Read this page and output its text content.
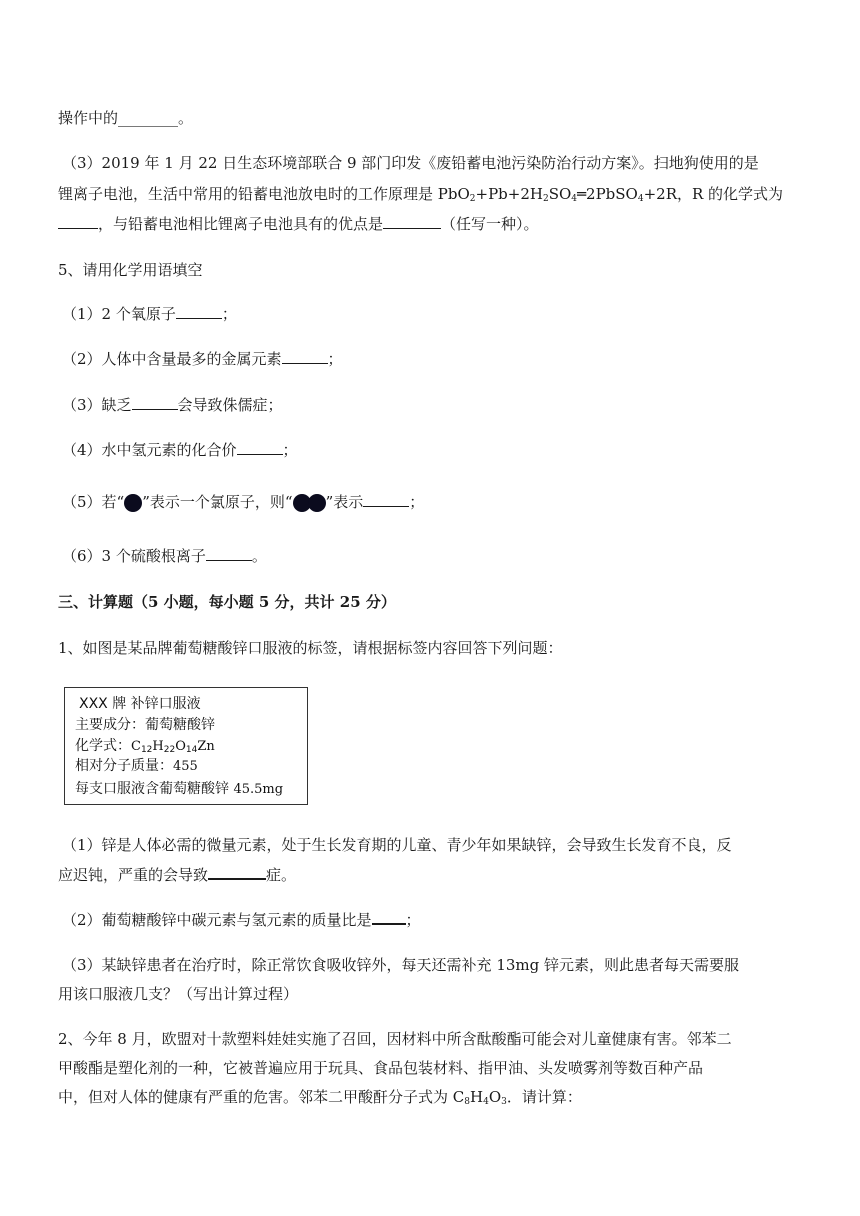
操作中的________。
（3）2019 年 1 月 22 日生态环境部联合 9 部门印发《废铅蓄电池污染防治行动方案》。扫地狗使用的是
锂离子电池，生活中常用的铅蓄电池放电时的工作原理是 $PbO_2+Pb+2H_2SO_4═2PbSO_4+2R$，R 的化学式为
，与铅蓄电池相比锂离子电池具有的优点是	（任写一种）。
5、请用化学用语填空
（1）2 个氧原子	；
（2）人体中含量最多的金属元素	；
（3）缺乏	会导致侏儒症；
（4）水中氢元素的化合价	；
（5）若“ ”表示一个氯原子，则“ ”表示	；
（6）3 个硫酸根离子	。
三、计算题（5 小题，每小题 5 分，共计 25 分）
1、如图是某品牌葡萄糖酸锌口服液的标签，请根据标签内容回答下列问题：
XXX 牌 补锌口服液
主要成分：葡萄糖酸锌
化学式：$C_{12}H_{22}O_{14}Zn$
相对分子质量：455
每支口服液含葡萄糖酸锌 45.5mg
（1）锌是人体必需的微量元素，处于生长发育期的儿童、青少年如果缺锌，会导致生长发育不良，反
应迟钝，严重的会导致	症。
（2）葡萄糖酸锌中碳元素与氢元素的质量比是 ；
（3）某缺锌患者在治疗时，除正常饮食吸收锌外，每天还需补充 13mg 锌元素，则此患者每天需要服
用该口服液几支？（写出计算过程）
2、今年 8 月，欧盟对十款塑料娃娃实施了召回，因材料中所含酞酸酯可能会对儿童健康有害。邻苯二
甲酸酯是塑化剂的一种，它被普遍应用于玩具、食品包装材料、指甲油、头发喷雾剂等数百种产品
中，但对人体的健康有严重的危害。邻苯二甲酸酐分子式为 $C_8H_4O_3$．请计算：
